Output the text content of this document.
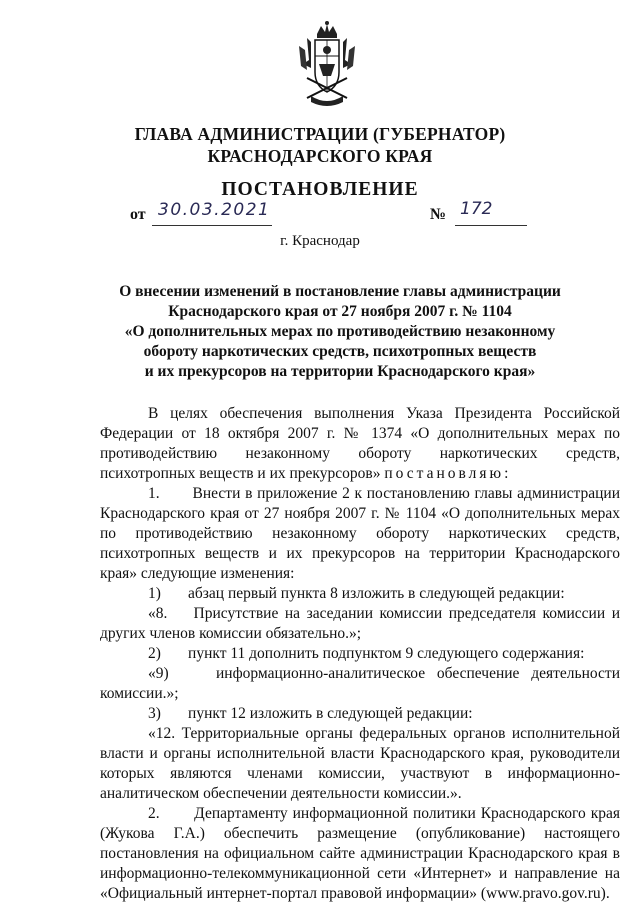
ГЛАВА АДМИНИСТРАЦИИ (ГУБЕРНАТОР)

КРАСНОДАРСКОГО КРАЯ

ПОСТАНОВЛЕНИЕ

от 30.03.2021	№ 172
г. Краснодар
О внесении изменений в постановление главы администрации
Краснодарского края от 27 ноября 2007 г. № 1104
«О дополнительных мерах по противодействию незаконному
обороту наркотических средств, психотропных веществ
и их прекурсоров на территории Краснодарского края»

В целях обеспечения выполнения Указа Президента Российской Федерации от 18 октября 2007 г. № 1374 «О дополнительных мерах по противодействию незаконному обороту наркотических средств, психотропных веществ и их прекурсоров» постановляю:

1.       Внести в приложение 2 к постановлению главы администрации Краснодарского края от 27 ноября 2007 г. № 1104 «О дополнительных мерах по противодействию незаконному обороту наркотических средств, психотропных веществ и их прекурсоров на территории Краснодарского края» следующие изменения:

1)       абзац первый пункта 8 изложить в следующей редакции:

«8.    Присутствие на заседании комиссии председателя комиссии и других членов комиссии обязательно.»;

2)       пункт 11 дополнить подпунктом 9 следующего содержания:

«9)    информационно-аналитическое обеспечение деятельности комиссии.»;

3)       пункт 12 изложить в следующей редакции:

«12. Территориальные органы федеральных органов исполнительной власти и органы исполнительной власти Краснодарского края, руководители которых являются членами комиссии, участвуют в информационно-аналитическом обеспечении деятельности комиссии.».

2.       Департаменту информационной политики Краснодарского края (Жукова Г.А.) обеспечить размещение (опубликование) настоящего постановления на официальном сайте администрации Краснодарского края в информационно-телекоммуникационной сети «Интернет» и направление на «Официальный интернет-портал правовой информации» (www.pravo.gov.ru).
